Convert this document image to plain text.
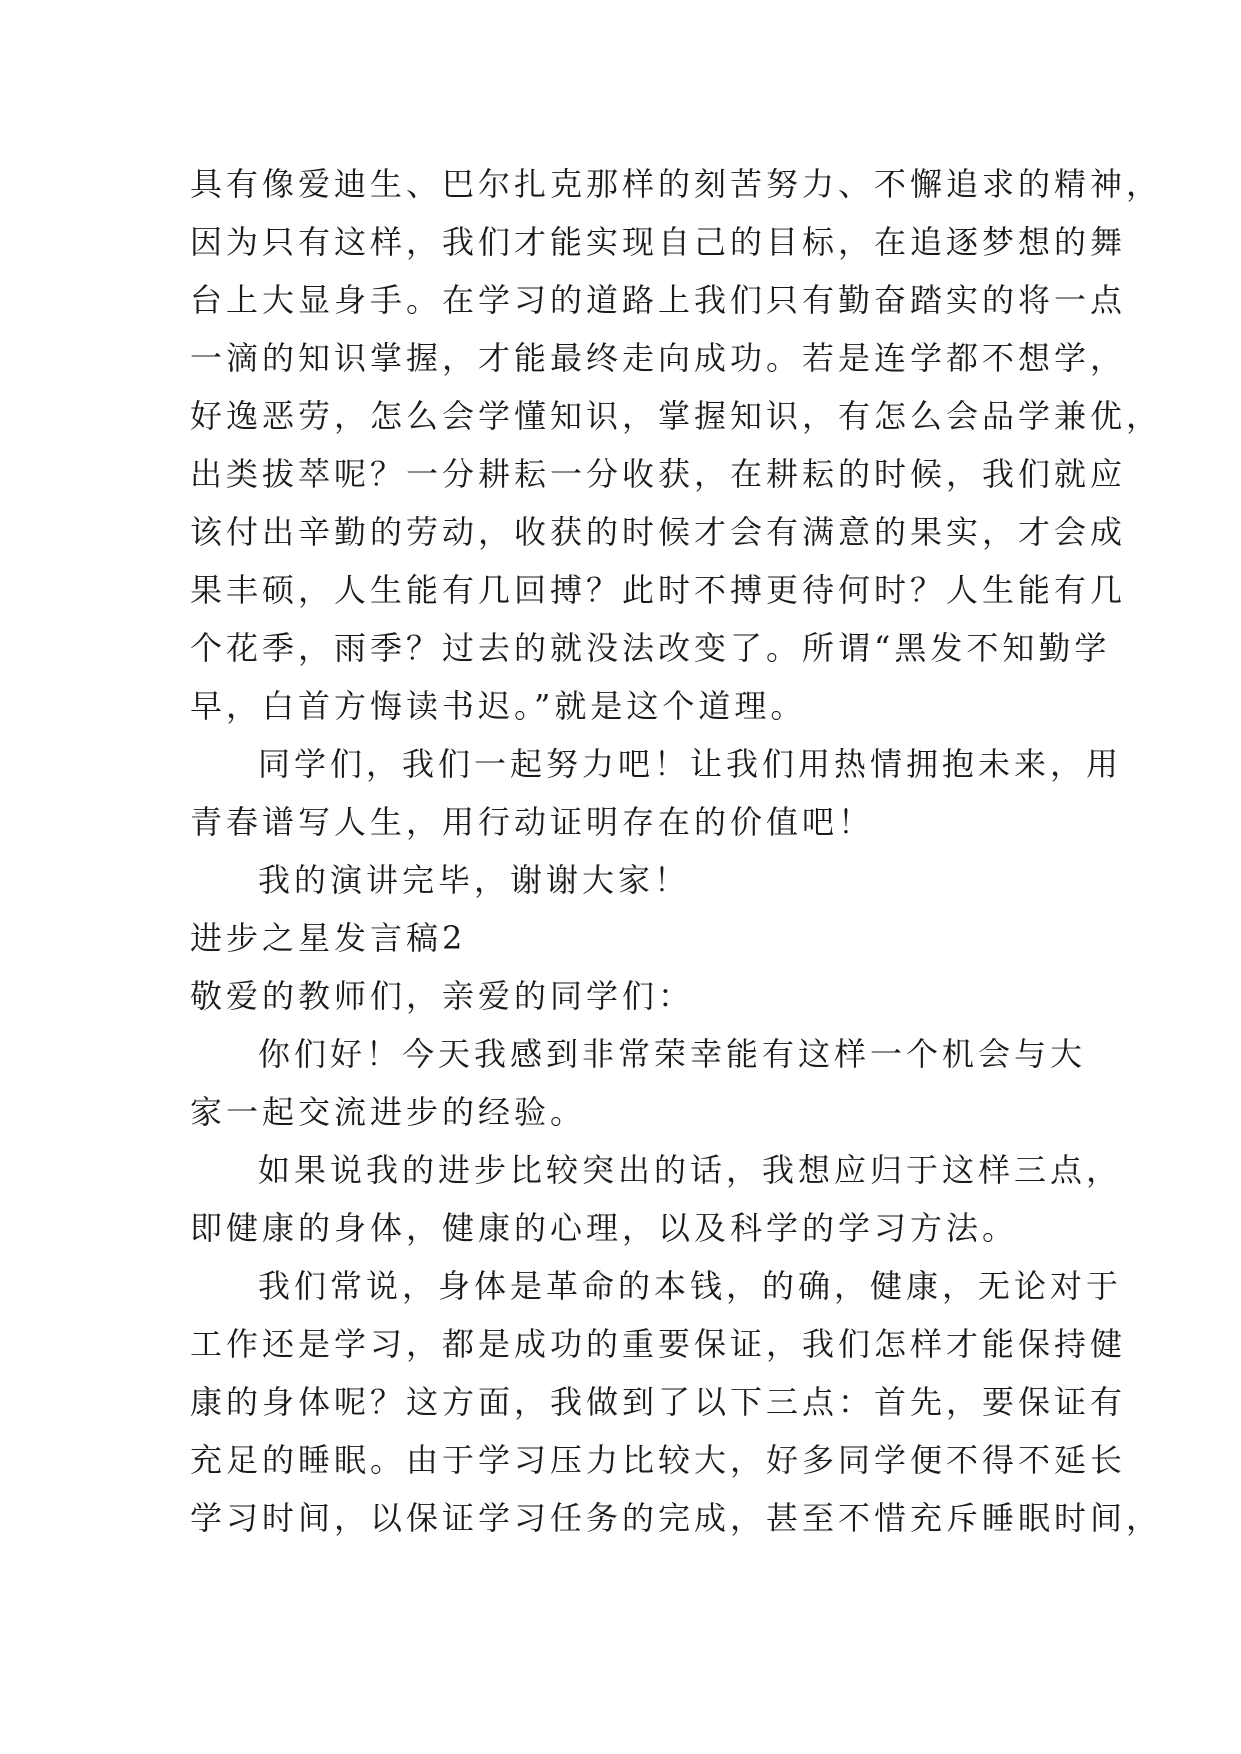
具有像爱迪生、巴尔扎克那样的刻苦努力、不懈追求的精神，
因为只有这样，我们才能实现自己的目标，在追逐梦想的舞
台上大显身手。在学习的道路上我们只有勤奋踏实的将一点
一滴的知识掌握，才能最终走向成功。若是连学都不想学，
好逸恶劳，怎么会学懂知识，掌握知识，有怎么会品学兼优，
出类拔萃呢？一分耕耘一分收获，在耕耘的时候，我们就应
该付出辛勤的劳动，收获的时候才会有满意的果实，才会成
果丰硕，人生能有几回搏？此时不搏更待何时？人生能有几
个花季，雨季？过去的就没法改变了。所谓“黑发不知勤学
早，白首方悔读书迟。”就是这个道理。
同学们，我们一起努力吧！让我们用热情拥抱未来，用
青春谱写人生，用行动证明存在的价值吧！
我的演讲完毕，谢谢大家！
进步之星发言稿2
敬爱的教师们，亲爱的同学们：
你们好！今天我感到非常荣幸能有这样一个机会与大
家一起交流进步的经验。
如果说我的进步比较突出的话，我想应归于这样三点，
即健康的身体，健康的心理，以及科学的学习方法。
我们常说，身体是革命的本钱，的确，健康，无论对于
工作还是学习，都是成功的重要保证，我们怎样才能保持健
康的身体呢？这方面，我做到了以下三点：首先，要保证有
充足的睡眠。由于学习压力比较大，好多同学便不得不延长
学习时间，以保证学习任务的完成，甚至不惜充斥睡眠时间，
